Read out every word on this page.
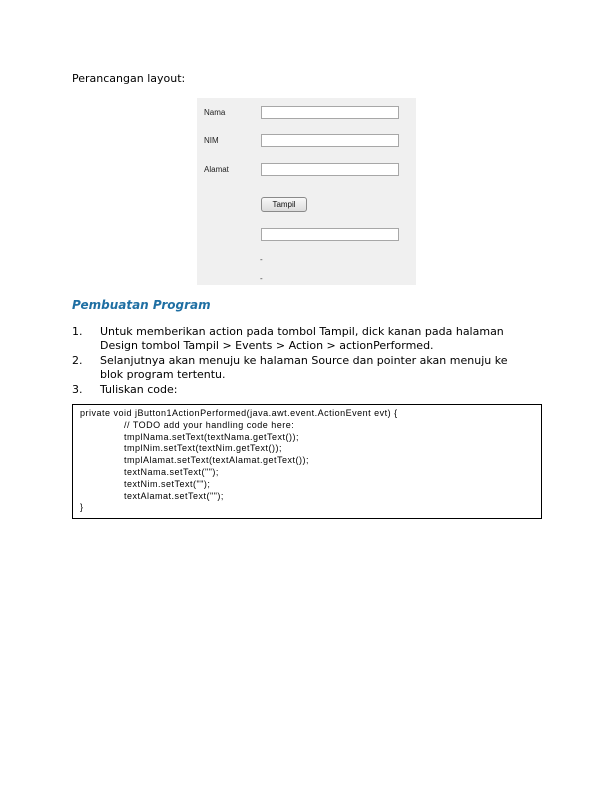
Perancangan layout:
Nama
NIM
Alamat
Tampil
-
-
Pembuatan Program
1. Untuk memberikan action pada tombol Tampil, dick kanan pada halaman Design tombol Tampil > Events > Action > actionPerformed.
2. Selanjutnya akan menuju ke halaman Source dan pointer akan menuju ke blok program tertentu.
3. Tuliskan code:
private void jButton1ActionPerformed(java.awt.event.ActionEvent evt) {
// TODO add your handling code here:
tmplNama.setText(textNama.getText());
tmplNim.setText(textNim.getText());
tmplAlamat.setText(textAlamat.getText());
textNama.setText("");
textNim.setText("");
textAlamat.setText("");
}
